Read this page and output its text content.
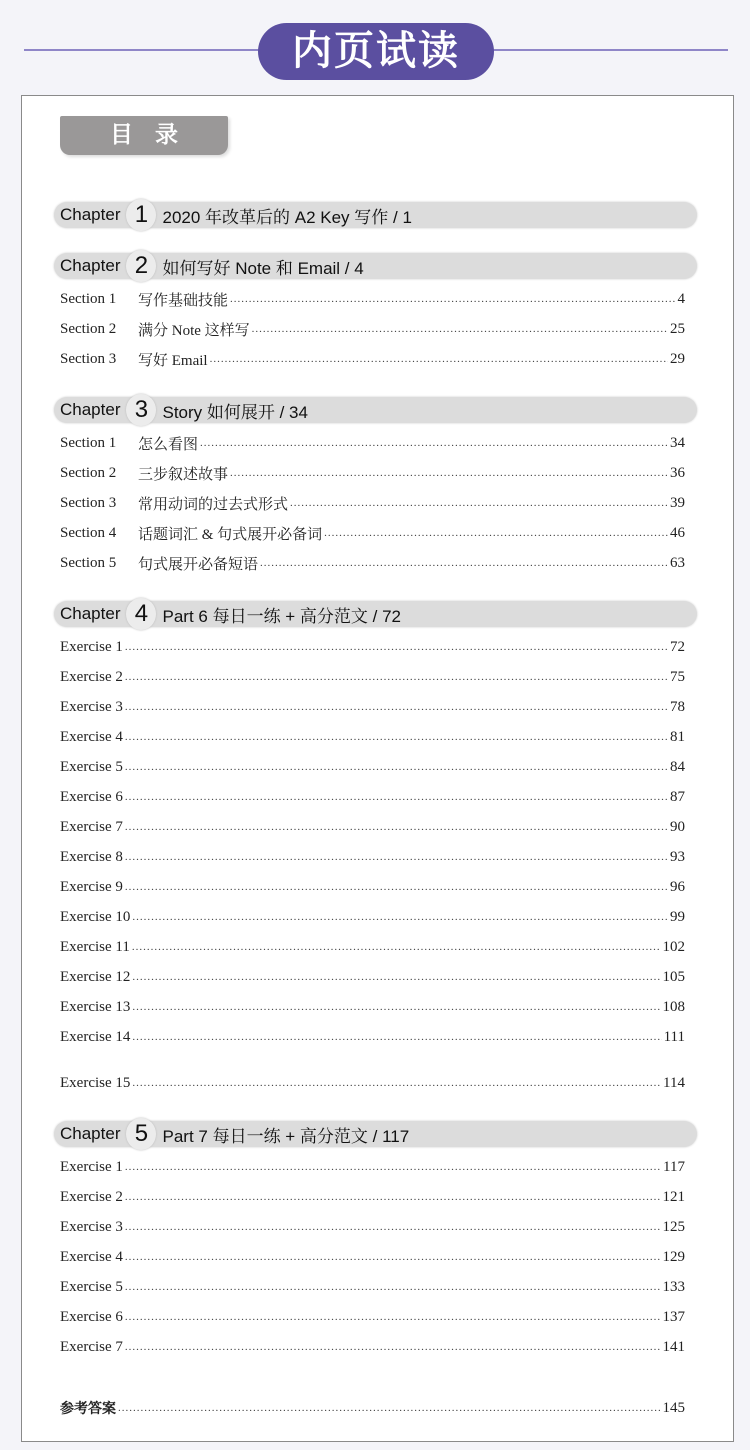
内页试读
目录
Chapter 1 2020 年改革后的 A2 Key 写作 / 1
Chapter 2 如何写好 Note 和 Email / 4
Section 1	写作基础技能 .....	4
Section 2	满分 Note 这样写 .....	25
Section 3	写好 Email .....	29
Chapter 3 Story 如何展开 / 34
Section 1	怎么看图 .....	34
Section 2	三步叙述故事 .....	36
Section 3	常用动词的过去式形式 .....	39
Section 4	话题词汇 & 句式展开必备词 .....	46
Section 5	句式展开必备短语 .....	63
Chapter 4 Part 6 每日一练 + 高分范文 / 72
Exercise 1 .....	72
Exercise 2 .....	75
Exercise 3 .....	78
Exercise 4 .....	81
Exercise 5 .....	84
Exercise 6 .....	87
Exercise 7 .....	90
Exercise 8 .....	93
Exercise 9 .....	96
Exercise 10 .....	99
Exercise 11 .....	102
Exercise 12 .....	105
Exercise 13 .....	108
Exercise 14 .....	111
Exercise 15 .....	114
Chapter 5 Part 7 每日一练 + 高分范文 / 117
Exercise 1 .....	117
Exercise 2 .....	121
Exercise 3 .....	125
Exercise 4 .....	129
Exercise 5 .....	133
Exercise 6 .....	137
Exercise 7 .....	141
参考答案 .....	145
